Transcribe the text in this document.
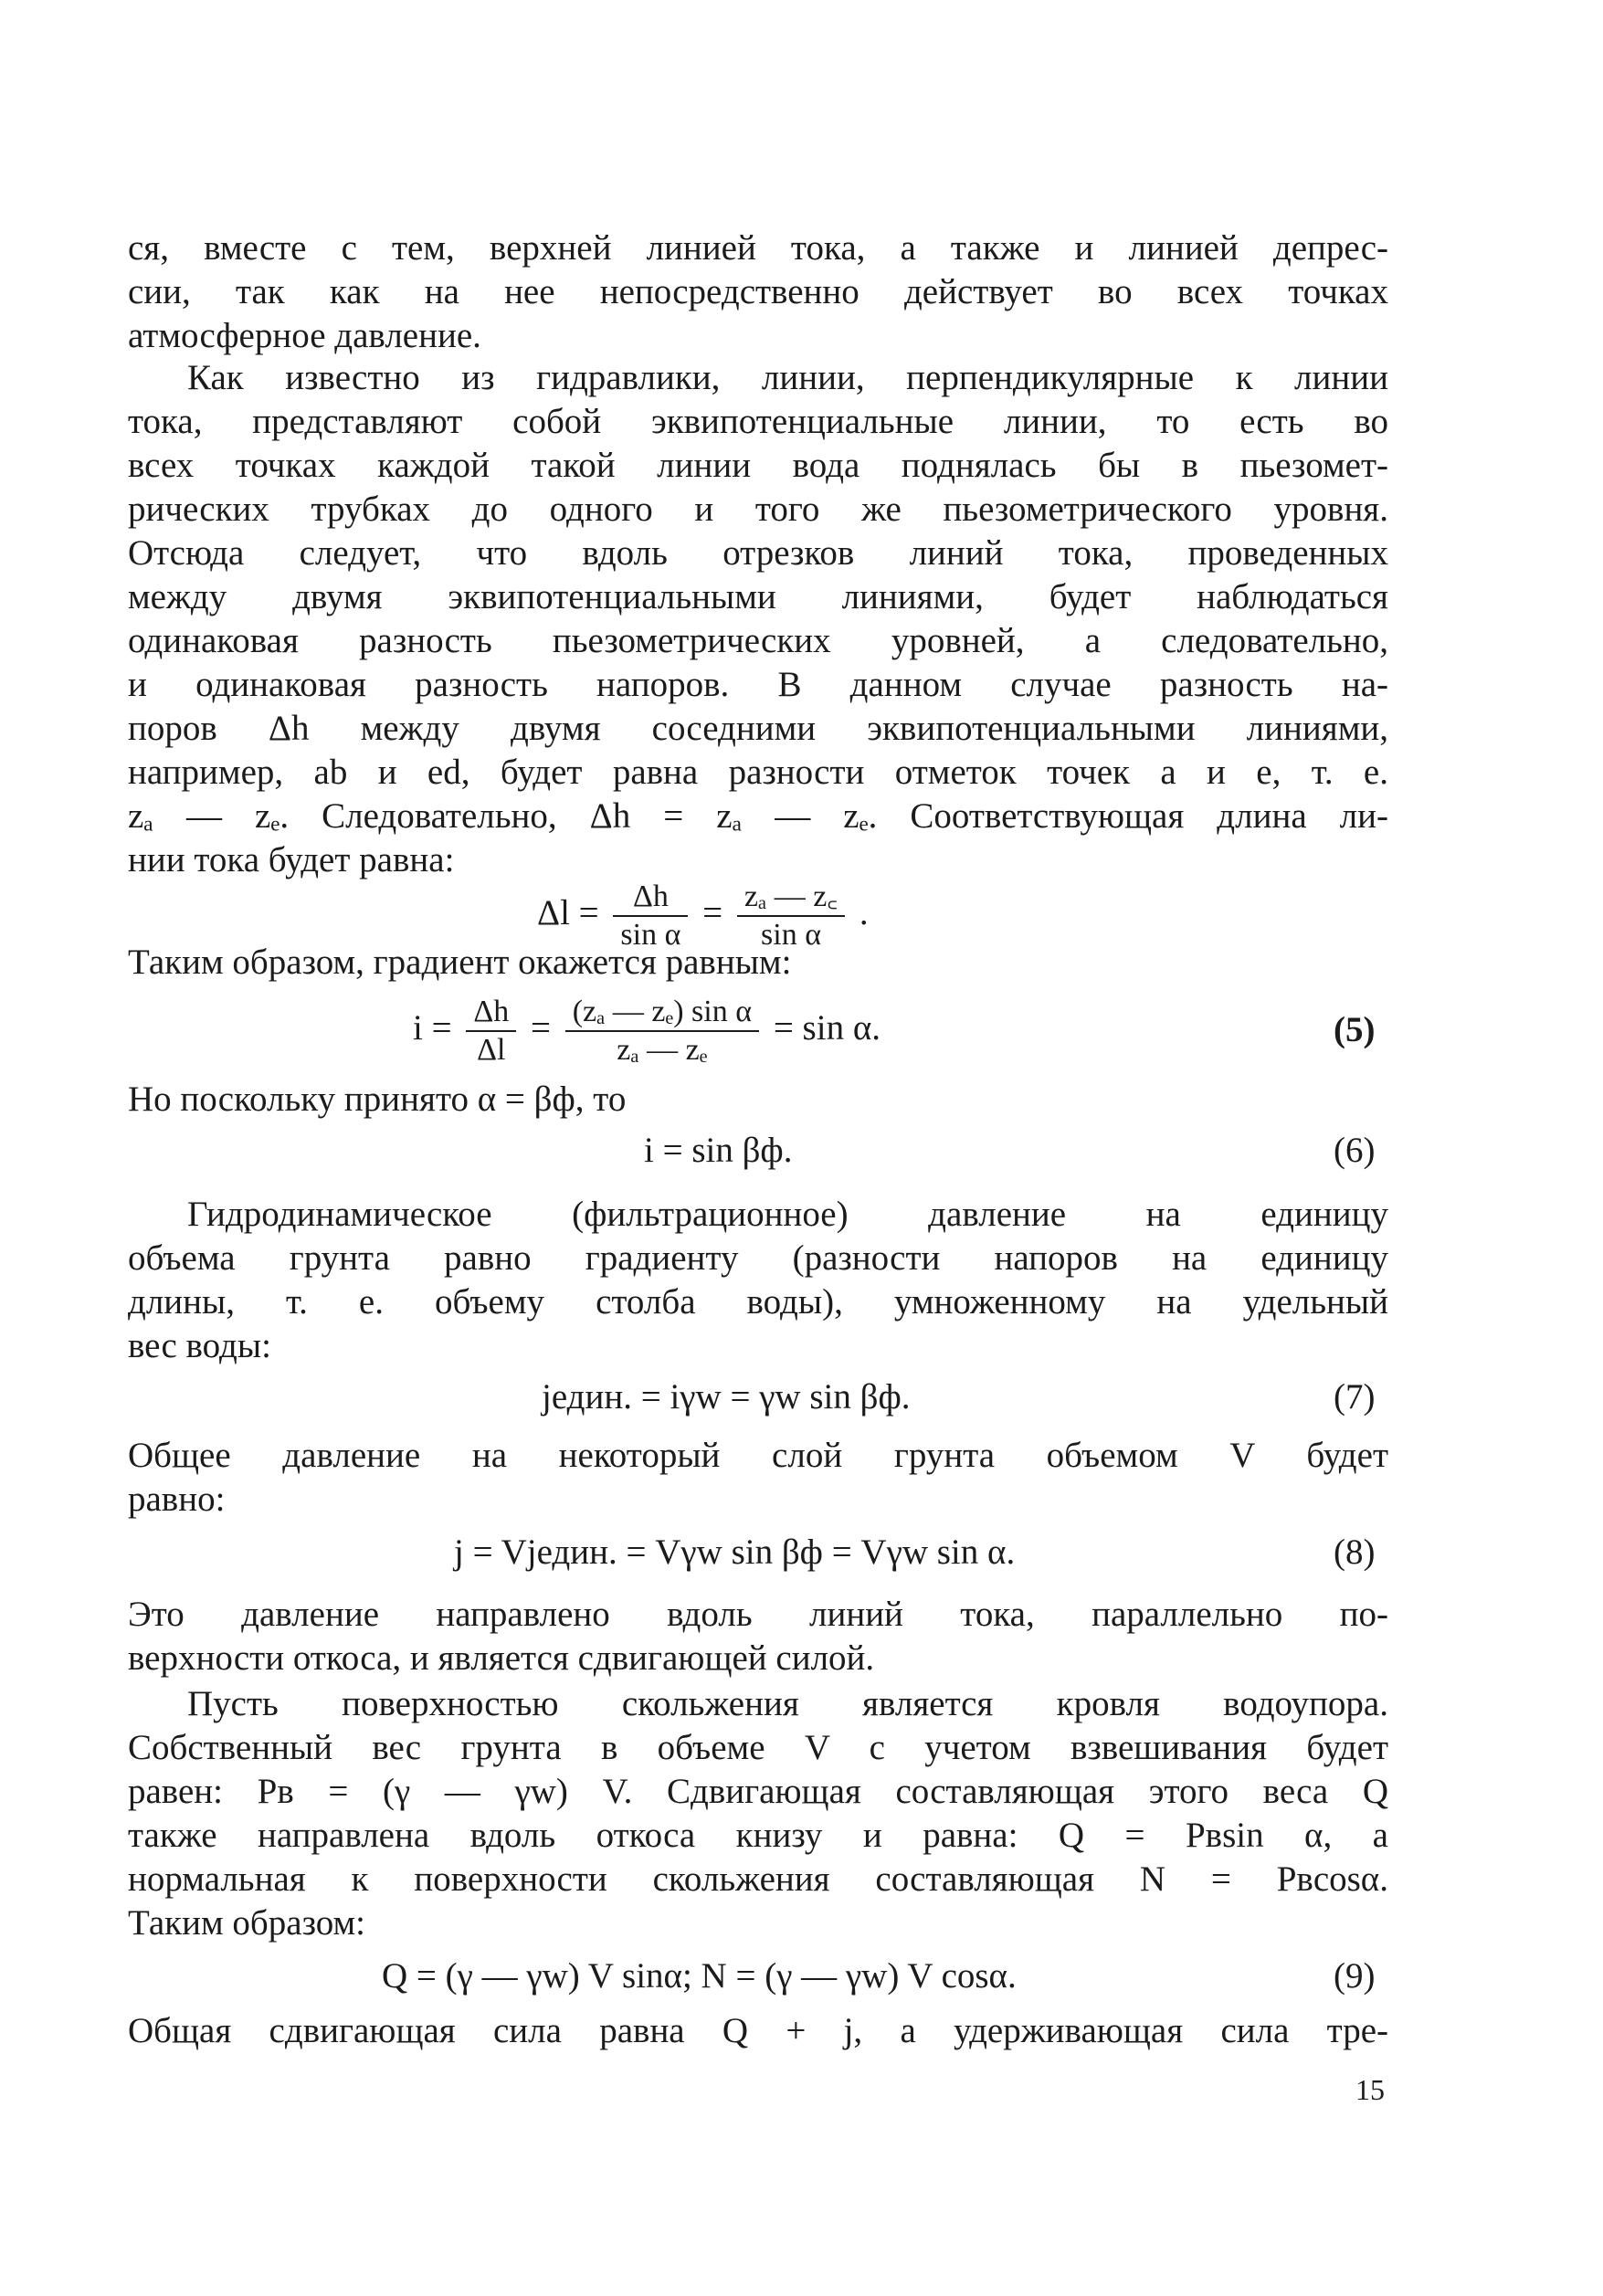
ся, вместе с тем, верхней линией тока, а также и линией депрес-
сии, так как на нее непосредственно действует во всех точках
атмосферное давление.
Как известно из гидравлики, линии, перпендикулярные к линии
тока, представляют собой эквипотенциальные линии, то есть во
всех точках каждой такой линии вода поднялась бы в пьезомет-
рических трубках до одного и того же пьезометрического уровня.
Отсюда следует, что вдоль отрезков линий тока, проведенных
между двумя эквипотенциальными линиями, будет наблюдаться
одинаковая разность пьезометрических уровней, а следовательно,
и одинаковая разность напоров. В данном случае разность на-
поров Δh между двумя соседними эквипотенциальными линиями,
например, ab и ed, будет равна разности отметок точек a и e, т. е.
zₐ — zₑ. Следовательно, Δh = zₐ — zₑ. Соответствующая длина ли-
нии тока будет равна:
$\Delta l = \frac{\Delta h}{\text{sin α}} = \frac{\text{zₐ — z꜀}}{\text{sin α}}$ .
Таким образом, градиент окажется равным:
$i = \frac{\Delta h}{\Delta l} = \frac{\text{(zₐ — zₑ) sin α}}{\text{zₐ — zₑ}} = \sin \alpha$.	(5)
Но поскольку принято α = βф, то
i = sin βф.	(6)
Гидродинамическое (фильтрационное) давление на единицу
объема грунта равно градиенту (разности напоров на единицу
длины, т. е. объему столба воды), умноженному на удельный
вес воды:
jедин. = iγw = γw sin βф.	(7)
Общее давление на некоторый слой грунта объемом V будет
равно:
j = Vjедин. = Vγw sin βф = Vγw sin α.	(8)
Это давление направлено вдоль линий тока, параллельно по-
верхности откоса, и является сдвигающей силой.
Пусть поверхностью скольжения является кровля водоупора.
Собственный вес грунта в объеме V с учетом взвешивания будет
равен: Pв = (γ — γw) V. Сдвигающая составляющая этого веса Q
также направлена вдоль откоса книзу и равна: Q = Pвsin α, а
нормальная к поверхности скольжения составляющая N = Pвcosα.
Таким образом:
Q = (γ — γw) V sinα; N = (γ — γw) V cosα.	(9)
Общая сдвигающая сила равна Q + j, а удерживающая сила тре-
15
